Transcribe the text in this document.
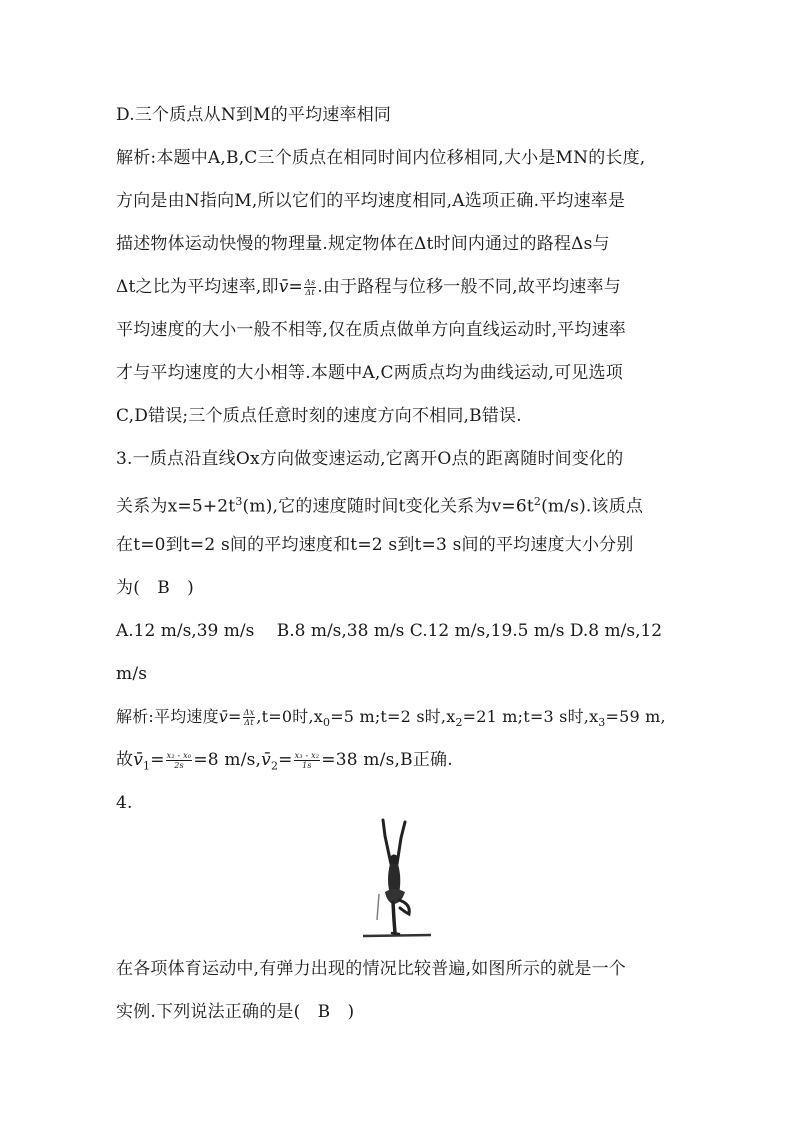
D.三个质点从N到M的平均速率相同
解析:本题中A,B,C三个质点在相同时间内位移相同,大小是MN的长度,
方向是由N指向M,所以它们的平均速度相同,A选项正确.平均速率是
描述物体运动快慢的物理量.规定物体在Δt时间内通过的路程Δs与
Δt之比为平均速率,即v̄= $\frac{\Delta s}{\Delta t}$ .由于路程与位移一般不同,故平均速率与
平均速度的大小一般不相等,仅在质点做单方向直线运动时,平均速率
才与平均速度的大小相等.本题中A,C两质点均为曲线运动,可见选项
C,D错误;三个质点任意时刻的速度方向不相同,B错误.
3.一质点沿直线Ox方向做变速运动,它离开O点的距离随时间变化的
关系为$x=5+2t^3(m)$,它的速度随时间t变化关系为$v=6t^2(m/s)$.该质点
在t=0到t=2 s间的平均速度和t=2 s到t=3 s间的平均速度大小分别
为(　B　)
A.12 m/s,39 m/s　 B.8 m/s,38 m/s C.12 m/s,19.5 m/s D.8 m/s,12
m/s
解析:平均速度v̄= $\frac{\Delta x}{\Delta t} ,t=0$时$,x_0=5$ m;t=2 s时$,x_2=21$ m;t=3 s时$,x_3=59$ m,
故$v̄_1= \frac{\text{x₂ - x₀}}{2s} =8$ $m/s,v̄_2= \frac{\text{x₃ - x₂}}{1s} =38$ m/s,B正确.
4.
在各项体育运动中,有弹力出现的情况比较普遍,如图所示的就是一个
实例.下列说法正确的是(　B　)
